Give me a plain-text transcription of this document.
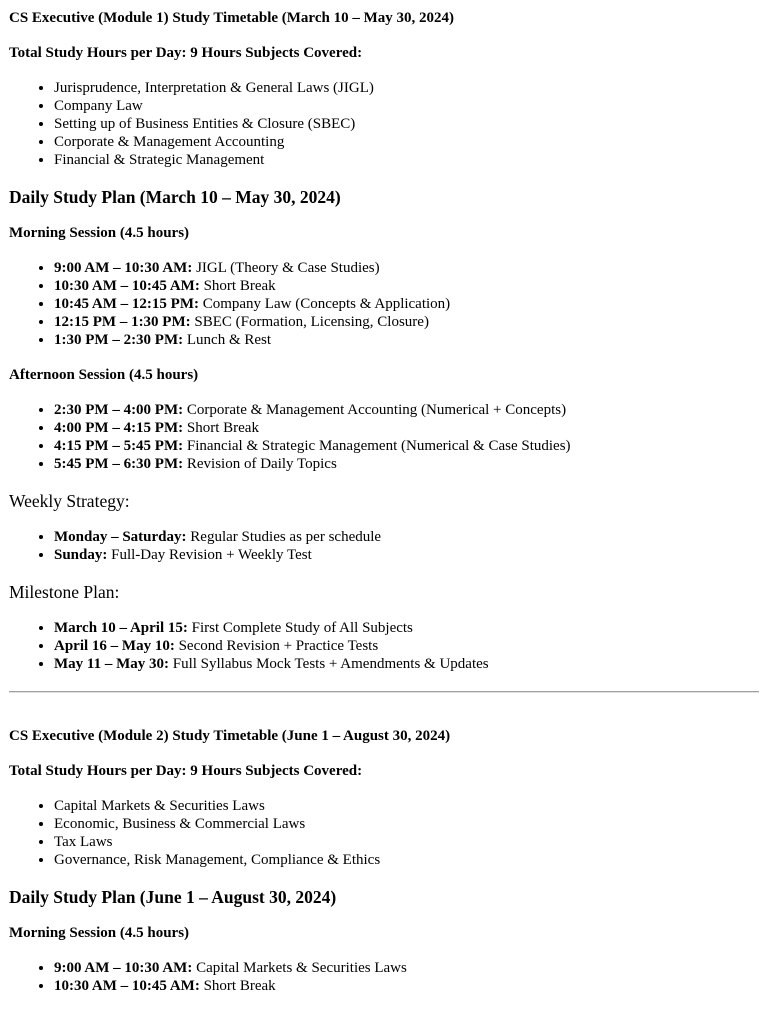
CS Executive (Module 1) Study Timetable (March 10 – May 30, 2024)

Total Study Hours per Day: 9 Hours Subjects Covered:

• Jurisprudence, Interpretation & General Laws (JIGL)
• Company Law
• Setting up of Business Entities & Closure (SBEC)
• Corporate & Management Accounting
• Financial & Strategic Management
Daily Study Plan (March 10 – May 30, 2024)

Morning Session (4.5 hours)

• 9:00 AM – 10:30 AM: JIGL (Theory & Case Studies)
• 10:30 AM – 10:45 AM: Short Break
• 10:45 AM – 12:15 PM: Company Law (Concepts & Application)
• 12:15 PM – 1:30 PM: SBEC (Formation, Licensing, Closure)
• 1:30 PM – 2:30 PM: Lunch & Rest

Afternoon Session (4.5 hours)

• 2:30 PM – 4:00 PM: Corporate & Management Accounting (Numerical + Concepts)
• 4:00 PM – 4:15 PM: Short Break
• 4:15 PM – 5:45 PM: Financial & Strategic Management (Numerical & Case Studies)
• 5:45 PM – 6:30 PM: Revision of Daily Topics
Weekly Strategy:
• Monday – Saturday: Regular Studies as per schedule
• Sunday: Full-Day Revision + Weekly Test
Milestone Plan:
• March 10 – April 15: First Complete Study of All Subjects
• April 16 – May 10: Second Revision + Practice Tests
• May 11 – May 30: Full Syllabus Mock Tests + Amendments & Updates

CS Executive (Module 2) Study Timetable (June 1 – August 30, 2024)

Total Study Hours per Day: 9 Hours Subjects Covered:

• Capital Markets & Securities Laws
• Economic, Business & Commercial Laws
• Tax Laws
• Governance, Risk Management, Compliance & Ethics
Daily Study Plan (June 1 – August 30, 2024)

Morning Session (4.5 hours)

• 9:00 AM – 10:30 AM: Capital Markets & Securities Laws
• 10:30 AM – 10:45 AM: Short Break
